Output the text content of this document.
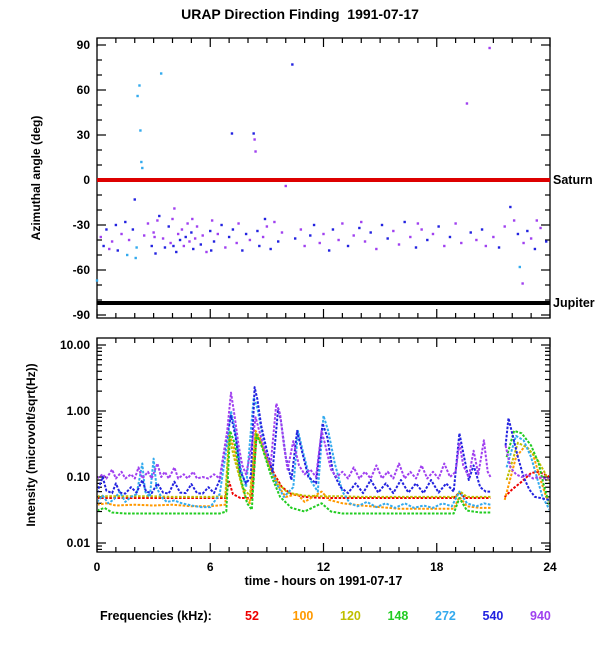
URAP Direction Finding  1991-07-17
Azimuthal angle (deg)
Intensity (microvolt/sqrt(Hz))
-90
-60
-30
0
30
60
90
10.00
1.00
0.10
0.01
0	6	12	18	24
Saturn
Jupiter
time - hours on 1991-07-17
Frequencies (kHz):	52	100 120 148 272 540 940
